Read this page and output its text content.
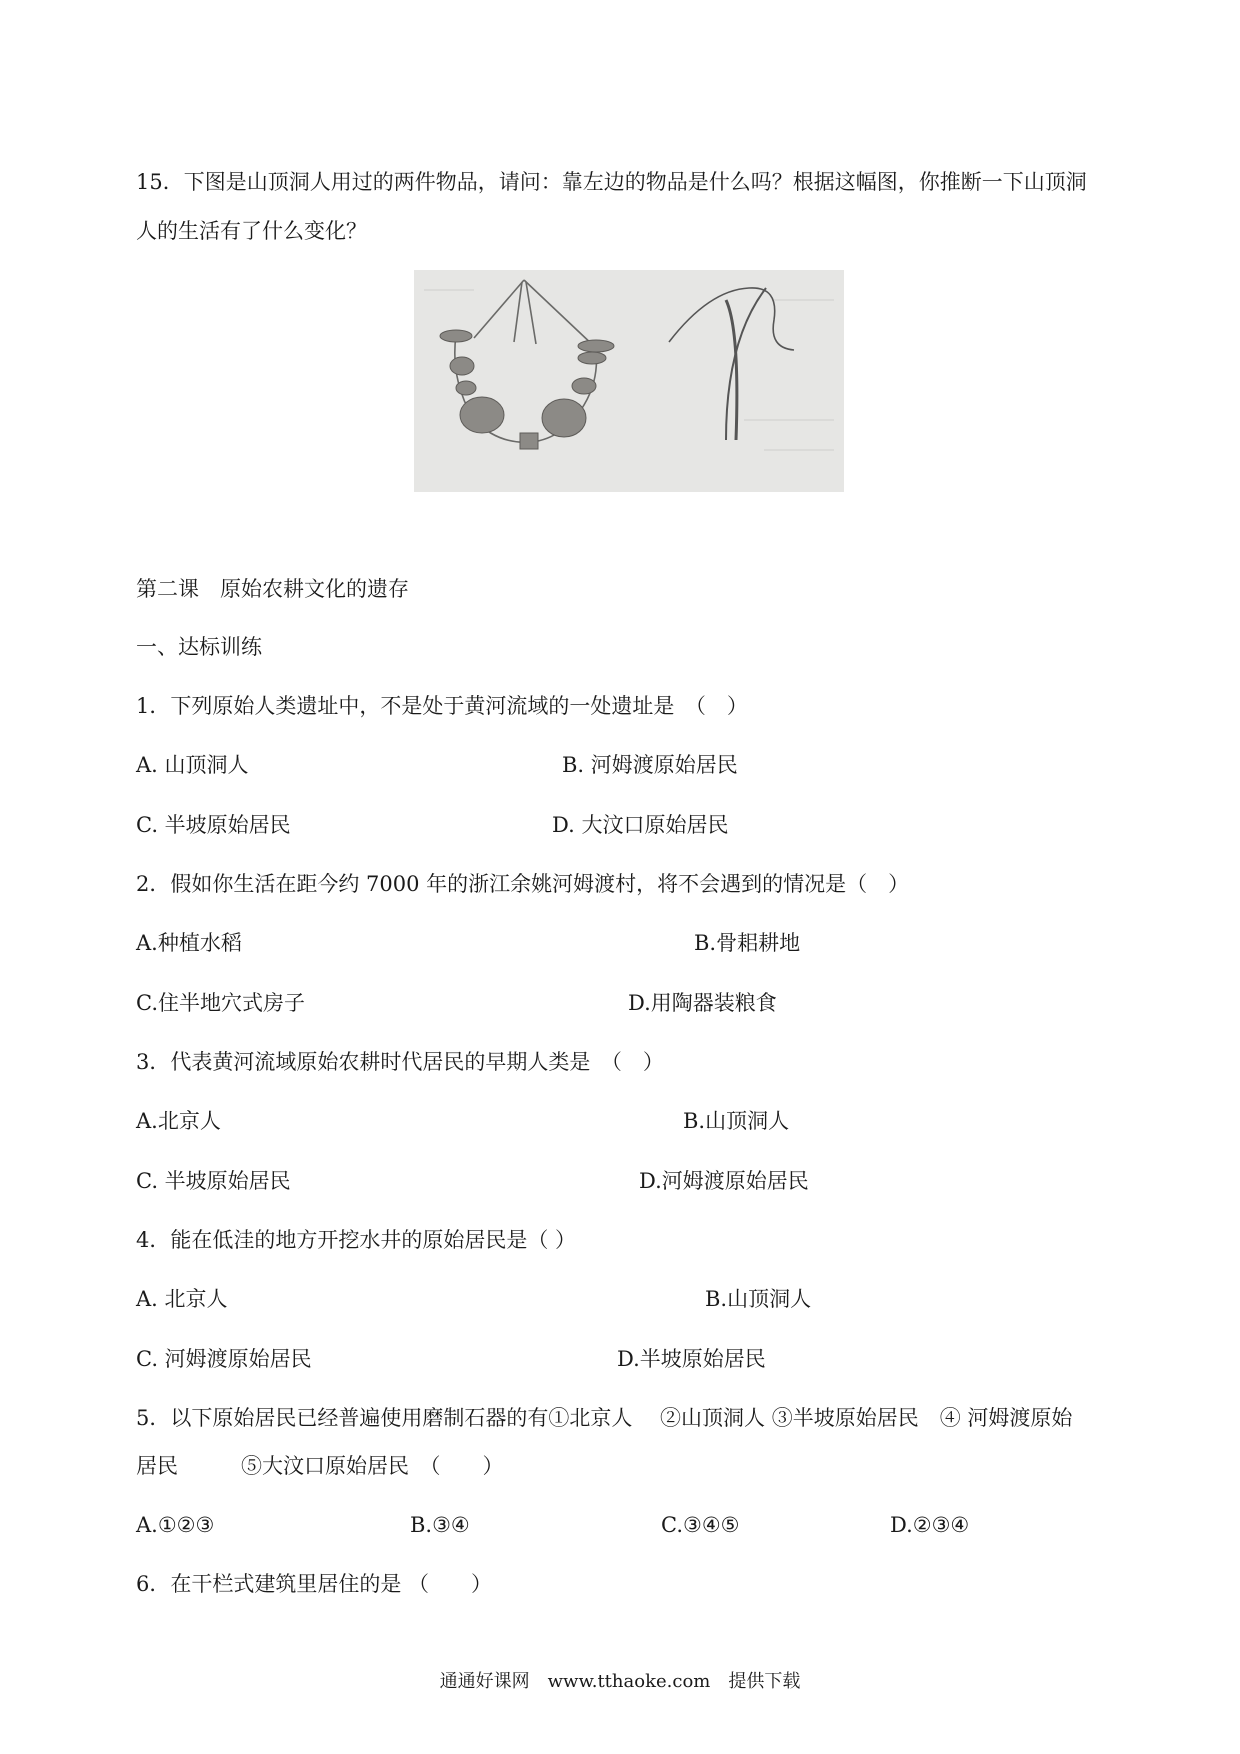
15．下图是山顶洞人用过的两件物品，请问：靠左边的物品是什么吗？根据这幅图，你推断一下山顶洞
人的生活有了什么变化？
第二课　原始农耕文化的遗存
一、达标训练
1．下列原始人类遗址中，不是处于黄河流域的一处遗址是　（　）
A. 山顶洞人	B. 河姆渡原始居民
C. 半坡原始居民	D. 大汶口原始居民
2．假如你生活在距今约 7000 年的浙江余姚河姆渡村，将不会遇到的情况是（　）
A.种植水稻	B.骨耜耕地
C.住半地穴式房子	D.用陶器装粮食
3．代表黄河流域原始农耕时代居民的早期人类是　（　）
A.北京人	B.山顶洞人
C. 半坡原始居民	D.河姆渡原始居民
4．能在低洼的地方开挖水井的原始居民是（ ）
A. 北京人	B.山顶洞人
C. 河姆渡原始居民	D.半坡原始居民
5．以下原始居民已经普遍使用磨制石器的有①北京人　 ②山顶洞人 ③半坡原始居民　④ 河姆渡原始
居民　　　⑤大汶口原始居民　（　　）
A.①②③	B.③④	C.③④⑤	D.②③④
6．在干栏式建筑里居住的是 （　　）
通通好课网　www.tthaoke.com　提供下载
